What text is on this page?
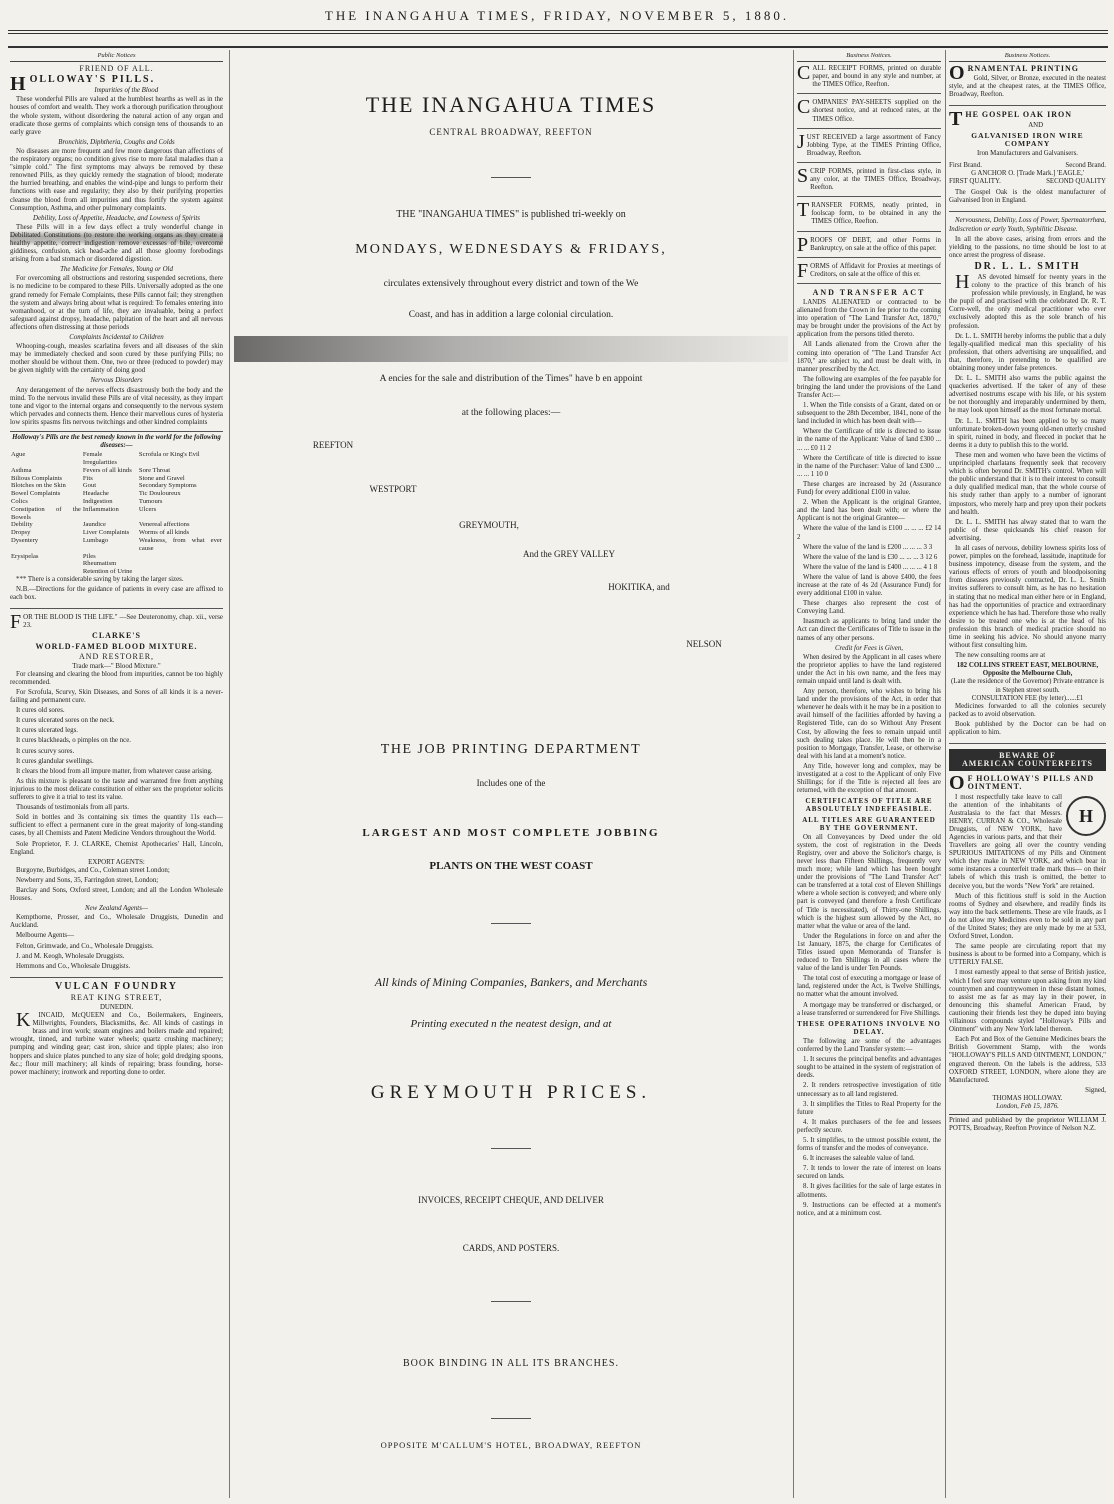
THE INANGAHUA TIMES, FRIDAY, NOVEMBER 5, 1880.
Public Notices
FRIEND OF ALL.
HOLLOWAY'S PILLS.
Impurities of the Blood

These wonderful Pills are valued at the humblest hearths as well as in the houses of comfort and wealth. They work a thorough purification throughout the whole system, without disordering the natural action of any organ and eradicate those germs of complaints which consign tens of thousands to an early grave

Bronchitis, Diphtheria, Coughs and Colds

No diseases are more frequent and few more dangerous than affections of the respiratory organs; no condition gives rise to more fatal maladies than a "simple cold." The first symptoms may always be removed by these renowned Pills, as they quickly remedy the stagnation of blood; moderate the hurried breathing, and enables the wind-pipe and lungs to perform their functions with ease and regularity; they also by their purifying properties cleanse the blood from all impurities and thus fortify the system against Consumption, Asthma, and other pulmonary complaints.

Debility, Loss of Appetite, Headache, and Lowness of Spirits

These Pills will in a few days effect a truly wonderful change in Debilitated Constitutions (to restore the working organs as they create a healthy appetite, correct indigestion remove excesses of bile, overcome giddiness, confusion, sick head-ache and all those gloomy forebodings arising from a bad stomach or disordered digestion.

The Medicine for Females, Young or Old

For overcoming all obstructions and restoring suspended secretions, there is no medicine to be compared to these Pills. Universally adopted as the one grand remedy for Female Complaints, these Pills cannot fail; they strengthen the system and always bring about what is required: To females entering into womanhood, or at the turn of life, they are invaluable, being a perfect safeguard against dropsy, headache, palpitation of the heart and all nervous affections often distressing at those periods

Complaints Incidental to Children

Whooping-cough, measles scarlatina fevers and all diseases of the skin may be immediately checked and soon cured by these purifying Pills; no mother should be without them. One, two or three (reduced to powder) may be given nightly with the certainty of doing good

Nervous Disorders

Any derangement of the nerves effects disastrously both the body and the mind. To the nervous invalid these Pills are of vital necessity, as they impart tone and vigor to the internal organs and consequently to the nervous system which pervades and connects them. Hence their marvellous cures of hysteria low spirits spasms fits nervous twitchings and other kindred complaints

Holloway's Pills are the best remedy known in the world for the following diseases:—
Ague	Female Irregularities	Scrofula or King's Evil
Asthma	Fevers of all kinds	Sore Throat
Bilious Complaints	Fits	Stone and Gravel
Blotches on the Skin	Gout	Secondary Symptoms
Bowel Complaints	Headache	Tic Douloureux
Colics	Indigestion	Tumours
Constipation of the Bowels	Inflammation	Ulcers
Debility	Jaundice	Venereal affections
Dropsy	Liver Complaints	Worms of all kinds
Dysentery	Lumbago	Weakness, from what ever cause
Erysipelas	Piles	
	Rheumatism	
	Retention of Urine	

*** There is a considerable saving by taking the larger sizes.

N.B.—Directions for the guidance of patients in every case are affixed to each box.

FOR THE BLOOD IS THE LIFE." —See Deuteronomy, chap. xii., verse 23.

CLARKE'S
WORLD-FAMED BLOOD MIXTURE.
AND RESTORER,
Trade mark—" Blood Mixture."

For cleansing and clearing the blood from impurities, cannot be too highly recommended.

For Scrofula, Scurvy, Skin Diseases, and Sores of all kinds it is a never-failing and permanent cure.

It cures old sores.

It cures ulcerated sores on the neck.

It cures ulcerated legs.

It cures blackheads, o pimples on the nce.

It cures scurvy sores.

It cures glandular swellings.

It clears the blood from all impure matter, from whatever cause arising.

As this mixture is pleasant to the taste and warranted free from anything injurious to the most delicate constitution of either sex the proprietor solicits sufferers to give it a trial to test its value.

Thousands of testimonials from all parts.

Sold in bottles and 3s containing six times the quantity 11s each—sufficient to effect a permanent cure in the great majority of long-standing cases, by all Chemists and Patent Medicine Vendors throughout the World.

Sole Proprietor, F. J. CLARKE, Chemist Apothecaries' Hall, Lincoln, England.

EXPORT AGENTS:

Burgoyne, Burbidges, and Co., Coleman street London;

Newberry and Sons, 35, Farringdon street, London;

Barclay and Sons, Oxford street, London; and all the London Wholesale Houses.

New Zealand Agents—

Kempthorne, Prosser, and Co., Wholesale Druggists, Dunedin and Auckland.

Melbourne Agents—

Felton, Grimwade, and Co., Wholesale Druggists.

J. and M. Keogh, Wholesale Druggists.

Hemmons and Co., Wholesale Druggists.

VULCAN FOUNDRY
REAT KING STREET,
DUNEDIN.

KINCAID, McQUEEN and Co., Boilermakers, Engineers, Millwrights, Founders, Blacksmiths, &c. All kinds of castings in brass and iron work; steam engines and boilers made and repaired; wrought, tinned, and turbine water wheels; quartz crushing machinery; pumping and winding gear; cast iron, sluice and tipple plates; also iron hoppers and sluice plates punched to any size of hole; gold dredging spoons, &c.; flour mill machinery; all kinds of repairing; brass founding, horse-power machinery; ironwork and reporting done to order.

THE INANGAHUA TIMES
CENTRAL BROADWAY, REEFTON
THE "INANGAHUA TIMES" is published tri-weekly on
MONDAYS, WEDNESDAYS & FRIDAYS,
circulates extensively throughout every district and town of the We
Coast, and has in addition a large colonial circulation.
A encies for the sale and distribution of the Times" have b en appoint
at the following places:—
REEFTON
WESTPORT
GREYMOUTH,
And the GREY VALLEY
HOKITIKA, and
NELSON
THE JOB PRINTING DEPARTMENT
Includes one of the
LARGEST AND MOST COMPLETE JOBBING
PLANTS ON THE WEST COAST
All kinds of Mining Companies, Bankers, and Merchants
Printing executed n the neatest design, and at
GREYMOUTH PRICES.
INVOICES, RECEIPT CHEQUE, AND DELIVER
CARDS, AND POSTERS.
BOOK BINDING IN ALL ITS BRANCHES.
OPPOSITE M'CALLUM'S HOTEL, BROADWAY, REEFTON
Business Notices.
CALL RECEIPT FORMS, printed on durable paper, and bound in any style and number, at the TIMES Office, Reefton.
COMPANIES' PAY-SHEETS supplied on the shortest notice, and at reduced rates, at the TIMES Office.
JUST RECEIVED a large assortment of Fancy Jobbing Type, at the TIMES Printing Office, Broadway, Reefton.
SCRIP FORMS, printed in first-class style, in any color, at the TIMES Office, Broadway, Reefton.
TRANSFER FORMS, neatly printed, in foolscap form, to be obtained in any the TIMES Office, Reefton.
PROOFS OF DEBT, and other Forms in Bankruptcy, on sale at the office of this paper.
FORMS of Affidavit for Proxies at meetings of Creditors, on sale at the office of this er.
AND TRANSFER ACT

LANDS ALIENATED or contracted to be alienated from the Crown in fee prior to the coming into operation of "The Land Transfer Act, 1870," may be brought under the provisions of the Act by application from the persons titled thereto.

All Lands alienated from the Crown after the coming into operation of "The Land Transfer Act 1870," are subject to, and must be dealt with, in manner prescribed by the Act.

The following are examples of the fee payable for bringing the land under the provisions of the Land Transfer Act:—

1. When the Title consists of a Grant, dated on or subsequent to the 28th December, 1841, none of the land included in which has been dealt with—

Where the Certificate of title is directed to issue in the name of the Applicant: Value of land £300 ... ... ... £0 11 2

Where the Certificate of title is directed to issue in the name of the Purchaser: Value of land £300 ... ... ... 1 10 0

These charges are increased by 2d (Assurance Fund) for every additional £100 in value.

2. When the Applicant is the original Grantee, and the land has been dealt with; or where the Applicant is not the original Grantee—

Where the value of the land is £100 ... ... ... £2 14 2

Where the value of the land is £200 ... ... ... 3 3

Where the value of the land is £30 ... ... ... 3 12 6

Where the value of the land is £400 ... ... ... 4 1 8

Where the value of land is above £400, the fees increase at the rate of 4s 2d (Assurance Fund) for every additional £100 in value.

These charges also represent the cost of Conveying Land.

Inasmuch as applicants to bring land under the Act can direct the Certificates of Title to issue in the names of any other persons.

Credit for Fees is Given,

When desired by the Applicant in all cases where the proprietor applies to have the land registered under the Act in his own name, and the fees may remain unpaid until land is dealt with.

Any person, therefore, who wishes to bring his land under the provisions of the Act, in order that whenever he deals with it he may be in a position to avail himself of the facilities afforded by having a Registered Title, can do so Without Any Present Cost, by allowing the fees to remain unpaid until such dealing takes place. He will then be in a position to Mortgage, Transfer, Lease, or otherwise deal with his land at a moment's notice.

Any Title, however long and complex, may be investigated at a cost to the Applicant of only Five Shillings; for if the Title is rejected all fees are returned, with the exception of that amount.

CERTIFICATES OF TITLE ARE ABSOLUTELY INDEFEASIBLE.
ALL TITLES ARE GUARANTEED BY THE GOVERNMENT.

On all Conveyances by Deed under the old system, the cost of registration in the Deeds Registry, over and above the Solicitor's charge, is never less than Fifteen Shillings, frequently very much more; while land which has been bought under the provisions of "The Land Transfer Act" can be transferred at a total cost of Eleven Shillings where a whole section is conveyed; and where only part is conveyed (and therefore a fresh Certificate of Title is necessitated), of Thirty-one Shillings, which is the highest sum allowed by the Act, no matter what the value or area of the land.

Under the Regulations in force on and after the 1st January, 1875, the charge for Certificates of Titles issued upon Memoranda of Transfer is reduced to Ten Shillings in all cases where the value of the land is under Ten Pounds.

The total cost of executing a mortgage or lease of land, registered under the Act, is Twelve Shillings, no matter what the amount involved.

A mortgage may be transferred or discharged, or a lease transferred or surrendered for Five Shillings.

THESE OPERATIONS INVOLVE NO DELAY.

The following are some of the advantages conferred by the Land Transfer system:—

1. It secures the principal benefits and advantages sought to be attained in the system of registration of deeds.

2. It renders retrospective investigation of title unnecessary as to all land registered.

3. It simplifies the Titles to Real Property for the future

4. It makes purchasers of the fee and lessees perfectly secure.

5. It simplifies, to the utmost possible extent, the forms of transfer and the modes of conveyance.

6. It increases the saleable value of land.

7. It tends to lower the rate of interest on loans secured on lands.

8. It gives facilities for the sale of large estates in allotments.

9. Instructions can be effected at a moment's notice, and at a minimum cost.

Business Notices.
ORNAMENTAL PRINTING

Gold, Silver, or Bronze, executed in the neatest style, and at the cheapest rates, at the TIMES Office, Broadway, Reefton.

THE GOSPEL OAK IRON
AND
GALVANISED IRON WIRE COMPANY
Iron Manufacturers and Galvanisers.
First Brand.	Second Brand.
G ANCHOR O. [Trade Mark.] 'EAGLE,'
FIRST QUALITY.	SECOND QUALITY

The Gospel Oak is the oldest manufacturer of Galvanised Iron in England.

Nervousness, Debility, Loss of Power, Spermatorrhœa, Indiscretion or early Youth, Syphilitic Disease.

In all the above cases, arising from errors and the yielding to the passions, no time should be lost to at once arrest the progress of disease.

DR. L. L. SMITH

HAS devoted himself for twenty years in the colony to the practice of this branch of his profession while previously, in England, he was the pupil of and practised with the celebrated Dr. R. T. Corre-well, the only medical practitioner who ever exclusively adopted this as the sole branch of his profession.

Dr. L. L. SMITH hereby informs the public that a duly legally-qualified medical man this speciality of his profession, that others advertising are unqualified, and that, therefore, in pretending to be qualified are obtaining money under false pretences.

Dr. L. L. SMITH also warns the public against the quackeries advertised. If the taker of any of these advertised nostrums escape with his life, or his system be not thoroughly and irreparably undermined by them, he may look upon himself as the most fortunate mortal.

Dr. L. L. SMITH has been applied to by so many unfortunate broken-down young old-men utterly crushed in spirit, ruined in body, and fleeced in pocket that he deems it a duty to publish this to the world.

These men and women who have been the victims of unprincipled charlatans frequently seek that recovery which is often beyond Dr. SMITH's control. When will the public understand that it is to their interest to consult a duly qualified medical man, that the whole course of his study rather than apply to a number of ignorant impostors, who merely harp and prey upon their pockets and health.

Dr. L. L. SMITH has alway stated that to warn the public of these quicksands his chief reason for advertising.

In all cases of nervous, debility lowness spirits loss of power, pimples on the forehead, lassitude, inaptitude for business impotency, disease from the system, and the various effects of errors of youth and bloodpoisoning from diseases previously contracted, Dr. L. L. Smith invites sufferers to consult him, as he has no hesitation in stating that no medical man either here or in England, has had the opportunities of practice and extraordinary experience which he has had. Therefore those who really desire to be treated one who is at the head of his profession this branch of medical practice should no time in seeking his advice. No should anyone marry without first consulting him.

The new consulting rooms are at

182 COLLINS STREET EAST, MELBOURNE, Opposite the Melbourne Club,
(Late the residence of the Governor) Private entrance is in Stephen street south.
CONSULTATION FEE (by letter)......£1

Medicines forwarded to all the colonies securely packed as to avoid observation.

Book published by the Doctor can be had on application to him.

BEWARE OF
AMERICAN COUNTERFEITS
OF HOLLOWAY'S PILLS AND OINTMENT.
H

I most respectfully take leave to call the attention of the inhabitants of Australasia to the fact that Messrs. HENRY, CURRAN & CO., Wholesale Druggists, of NEW YORK, have Agencies in various parts, and that their Travellers are going all over the country vending SPURIOUS IMITATIONS of my Pills and Ointment which they make in NEW YORK, and which bear in some instances a counterfeit trade mark thus— on their labels of which this trash is omitted, the better to deceive you, but the words "New York" are retained.

Much of this fictitious stuff is sold in the Auction rooms of Sydney and elsewhere, and readily finds its way into the back settlements. These are vile frauds, as I do not allow my Medicines even to be sold in any part of the United States; they are only made by me at 533, Oxford Street, London.

The same people are circulating report that my business is about to be formed into a Company, which is UTTERLY FALSE.

I most earnestly appeal to that sense of British justice, which I feel sure may venture upon asking from my kind countrymen and countrywomen in these distant homes, to assist me as far as may lay in their power, in denouncing this shameful American Fraud, by cautioning their friends lest they be duped into buying villainous compounds styled "Holloway's Pills and Ointment" with any New York label thereon.

Each Pot and Box of the Genuine Medicines bears the British Government Stamp, with the words "HOLLOWAY'S PILLS AND OINTMENT, LONDON," engraved thereon. On the labels is the address, 533 OXFORD STREET, LONDON, where alone they are Manufactured.

Signed,
THOMAS HOLLOWAY.
London, Feb 15, 1876.
Printed and published by the proprietor WILLIAM J. POTTS, Broadway, Reefton Province of Nelson N.Z.
